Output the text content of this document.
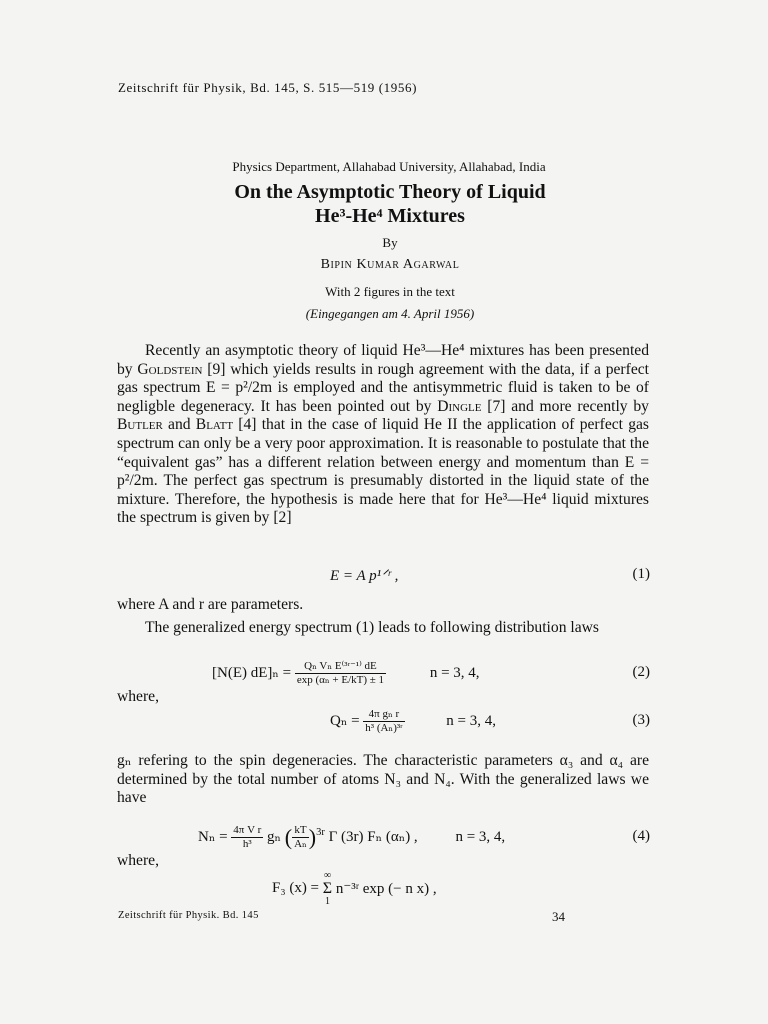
Zeitschrift für Physik, Bd. 145, S. 515—519 (1956)
Physics Department, Allahabad University, Allahabad, India
On the Asymptotic Theory of Liquid
He³-He⁴ Mixtures
By
Bipin Kumar Agarwal
With 2 figures in the text
(Eingegangen am 4. April 1956)

Recently an asymptotic theory of liquid He³—He⁴ mixtures has been presented by Goldstein [9] which yields results in rough agreement with the data, if a perfect gas spectrum E = p²/2m is employed and the antisymmetric fluid is taken to be of negligble degeneracy. It has been pointed out by Dingle [7] and more recently by Butler and Blatt [4] that in the case of liquid He II the application of perfect gas spectrum can only be a very poor approximation. It is reasonable to postulate that the “equivalent gas” has a different relation between energy and momentum than E = p²/2m. The perfect gas spectrum is presumably distorted in the liquid state of the mixture. Therefore, the hypothesis is made here that for He³—He⁴ liquid mixtures the spectrum is given by [2]

E = A p¹ᐟʳ ,	(1)
where A and r are parameters.
The generalized energy spectrum (1) leads to following distribution laws
[N(E) $dE]_n = \frac{\text{Qₙ Vₙ E⁽³ʳ⁻¹⁾ dE}}{\text{exp (αₙ + E/kT) ± 1}}$	n = 3, 4,	(2)
where,
$Q_n = \frac{\text{4π gₙ r}}{\text{h³ (Aₙ)³ʳ}}$	n = 3, 4,	(3)
gₙ refering to the spin degeneracies. The characteristic parameters α₃ and α₄ are determined by the total number of atoms N₃ and N₄. With the generalized laws we have
$N_n = \frac{\text{4π V r}}{\text{h³}}$ gₙ ( $\frac{kT}{\text{Aₙ}} )^{3r}$ Γ (3r) Fₙ (αₙ) ,	n = 3, 4,	(4)
where,
F₃ (x) =
∞
Σ
1
n⁻³ʳ exp (− n x) ,
Zeitschrift für Physik. Bd. 145	34
